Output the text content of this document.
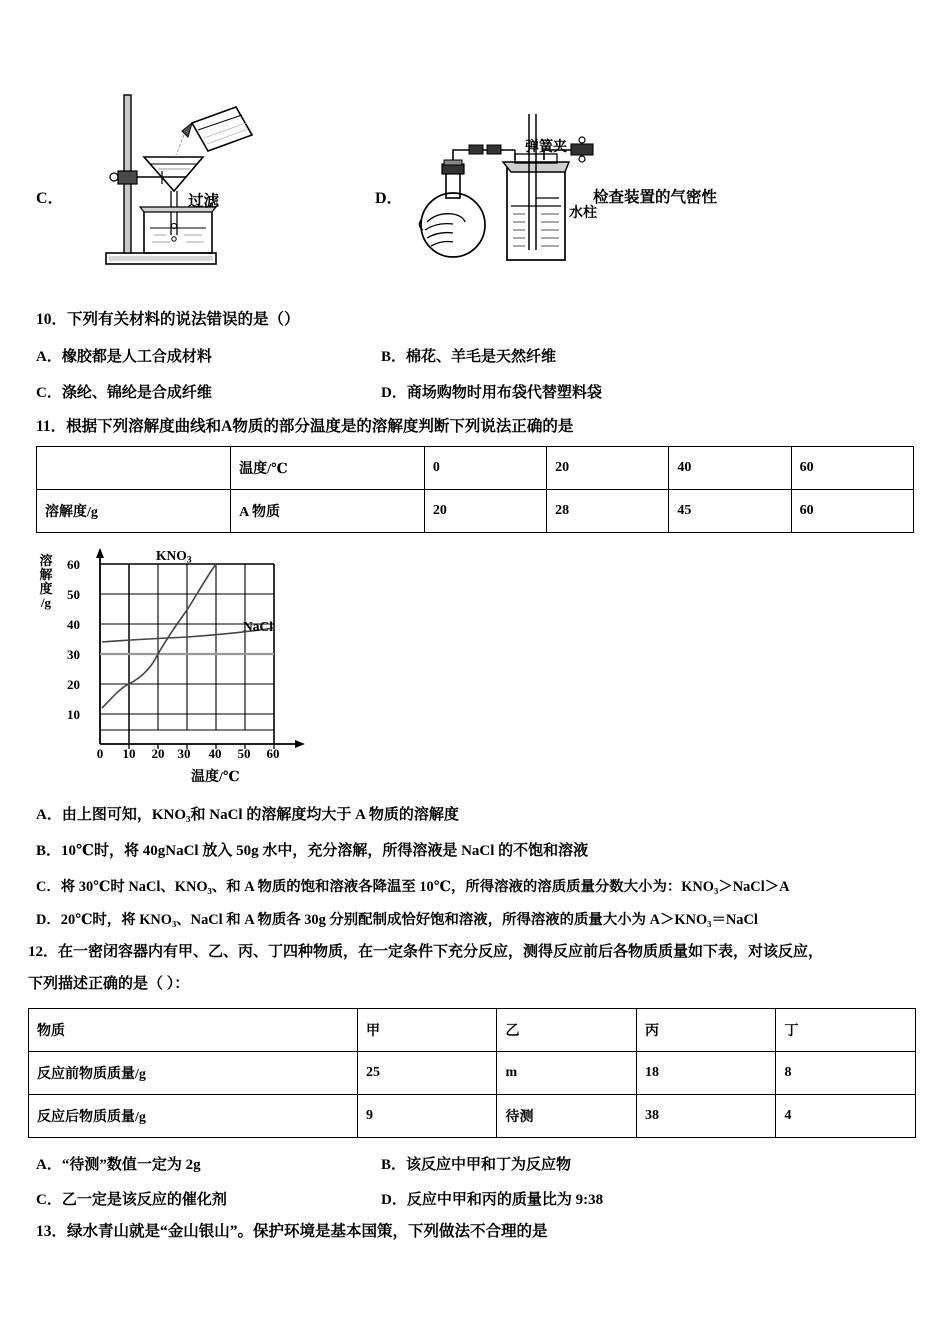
C．	过滤	D．
弹簧夹
水柱
检查装置的气密性
10．下列有关材料的说法错误的是（）
A．橡胶都是人工合成材料	B．棉花、羊毛是天然纤维
C．涤纶、锦纶是合成纤维	D．商场购物时用布袋代替塑料袋
11．根据下列溶解度曲线和A物质的部分温度是的溶解度判断下列说法正确的是
	温度/℃	0	20	40	60
溶解度/g	A 物质	20	28	45	60
溶
解
度
/g
60
50
40
30
20
10
$KNO_3$
NaCl
0	10 20 30 40 50 60
温度/℃
A．由上图可知，KNO₃和 NaCl 的溶解度均大于 A 物质的溶解度
B．10℃时，将 40gNaCl 放入 50g 水中，充分溶解，所得溶液是 NaCl 的不饱和溶液
C．将 30℃时 NaCl、KNO₃、和 A 物质的饱和溶液各降温至 10℃，所得溶液的溶质质量分数大小为：KNO₃＞NaCl＞A
D．20℃时，将 KNO₃、NaCl 和 A 物质各 30g 分别配制成恰好饱和溶液，所得溶液的质量大小为 A＞KNO₃＝NaCl
12．在一密闭容器内有甲、乙、丙、丁四种物质，在一定条件下充分反应，测得反应前后各物质质量如下表，对该反应，
下列描述正确的是（ ）：
物质	甲	乙	丙	丁
反应前物质质量/g	25	m	18	8
反应后物质质量/g	9	待测	38	4
A．“待测”数值一定为 2g	B．该反应中甲和丁为反应物
C．乙一定是该反应的催化剂	D．反应中甲和丙的质量比为 9:38
13．绿水青山就是“金山银山”。保护环境是基本国策，下列做法不合理的是
